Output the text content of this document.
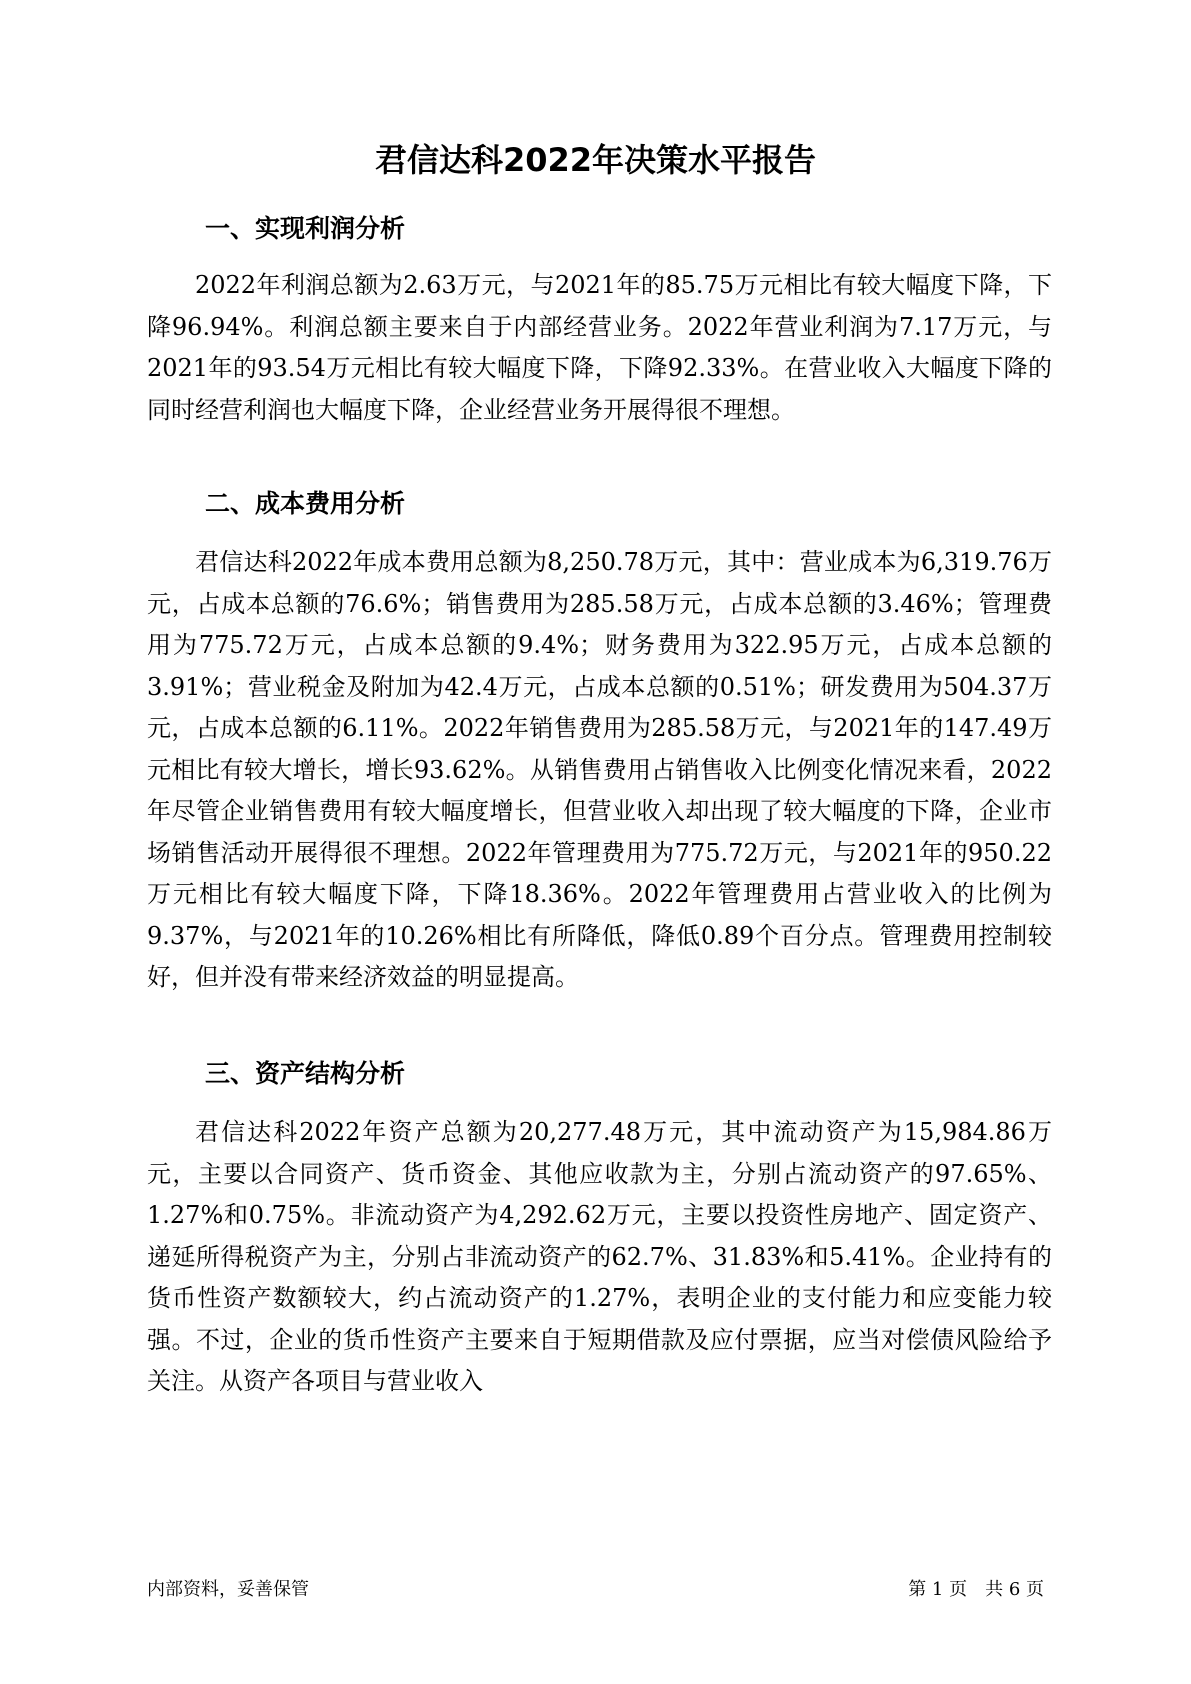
君信达科2022年决策水平报告
一、实现利润分析

2022年利润总额为2.63万元，与2021年的85.75万元相比有较大幅度下降，下降96.94%。利润总额主要来自于内部经营业务。2022年营业利润为7.17万元，与2021年的93.54万元相比有较大幅度下降，下降92.33%。在营业收入大幅度下降的同时经营利润也大幅度下降，企业经营业务开展得很不理想。

二、成本费用分析

君信达科2022年成本费用总额为8,250.78万元，其中：营业成本为6,319.76万元，占成本总额的76.6%；销售费用为285.58万元，占成本总额的3.46%；管理费用为775.72万元，占成本总额的9.4%；财务费用为322.95万元，占成本总额的3.91%；营业税金及附加为42.4万元，占成本总额的0.51%；研发费用为504.37万元，占成本总额的6.11%。2022年销售费用为285.58万元，与2021年的147.49万元相比有较大增长，增长93.62%。从销售费用占销售收入比例变化情况来看，2022年尽管企业销售费用有较大幅度增长，但营业收入却出现了较大幅度的下降，企业市场销售活动开展得很不理想。2022年管理费用为775.72万元，与2021年的950.22万元相比有较大幅度下降，下降18.36%。2022年管理费用占营业收入的比例为9.37%，与2021年的10.26%相比有所降低，降低0.89个百分点。管理费用控制较好，但并没有带来经济效益的明显提高。

三、资产结构分析

君信达科2022年资产总额为20,277.48万元，其中流动资产为15,984.86万元，主要以合同资产、货币资金、其他应收款为主，分别占流动资产的97.65%、1.27%和0.75%。非流动资产为4,292.62万元，主要以投资性房地产、固定资产、递延所得税资产为主，分别占非流动资产的62.7%、31.83%和5.41%。企业持有的货币性资产数额较大，约占流动资产的1.27%，表明企业的支付能力和应变能力较强。不过，企业的货币性资产主要来自于短期借款及应付票据，应当对偿债风险给予关注。从资产各项目与营业收入

内部资料，妥善保管	第 1 页　共 6 页
